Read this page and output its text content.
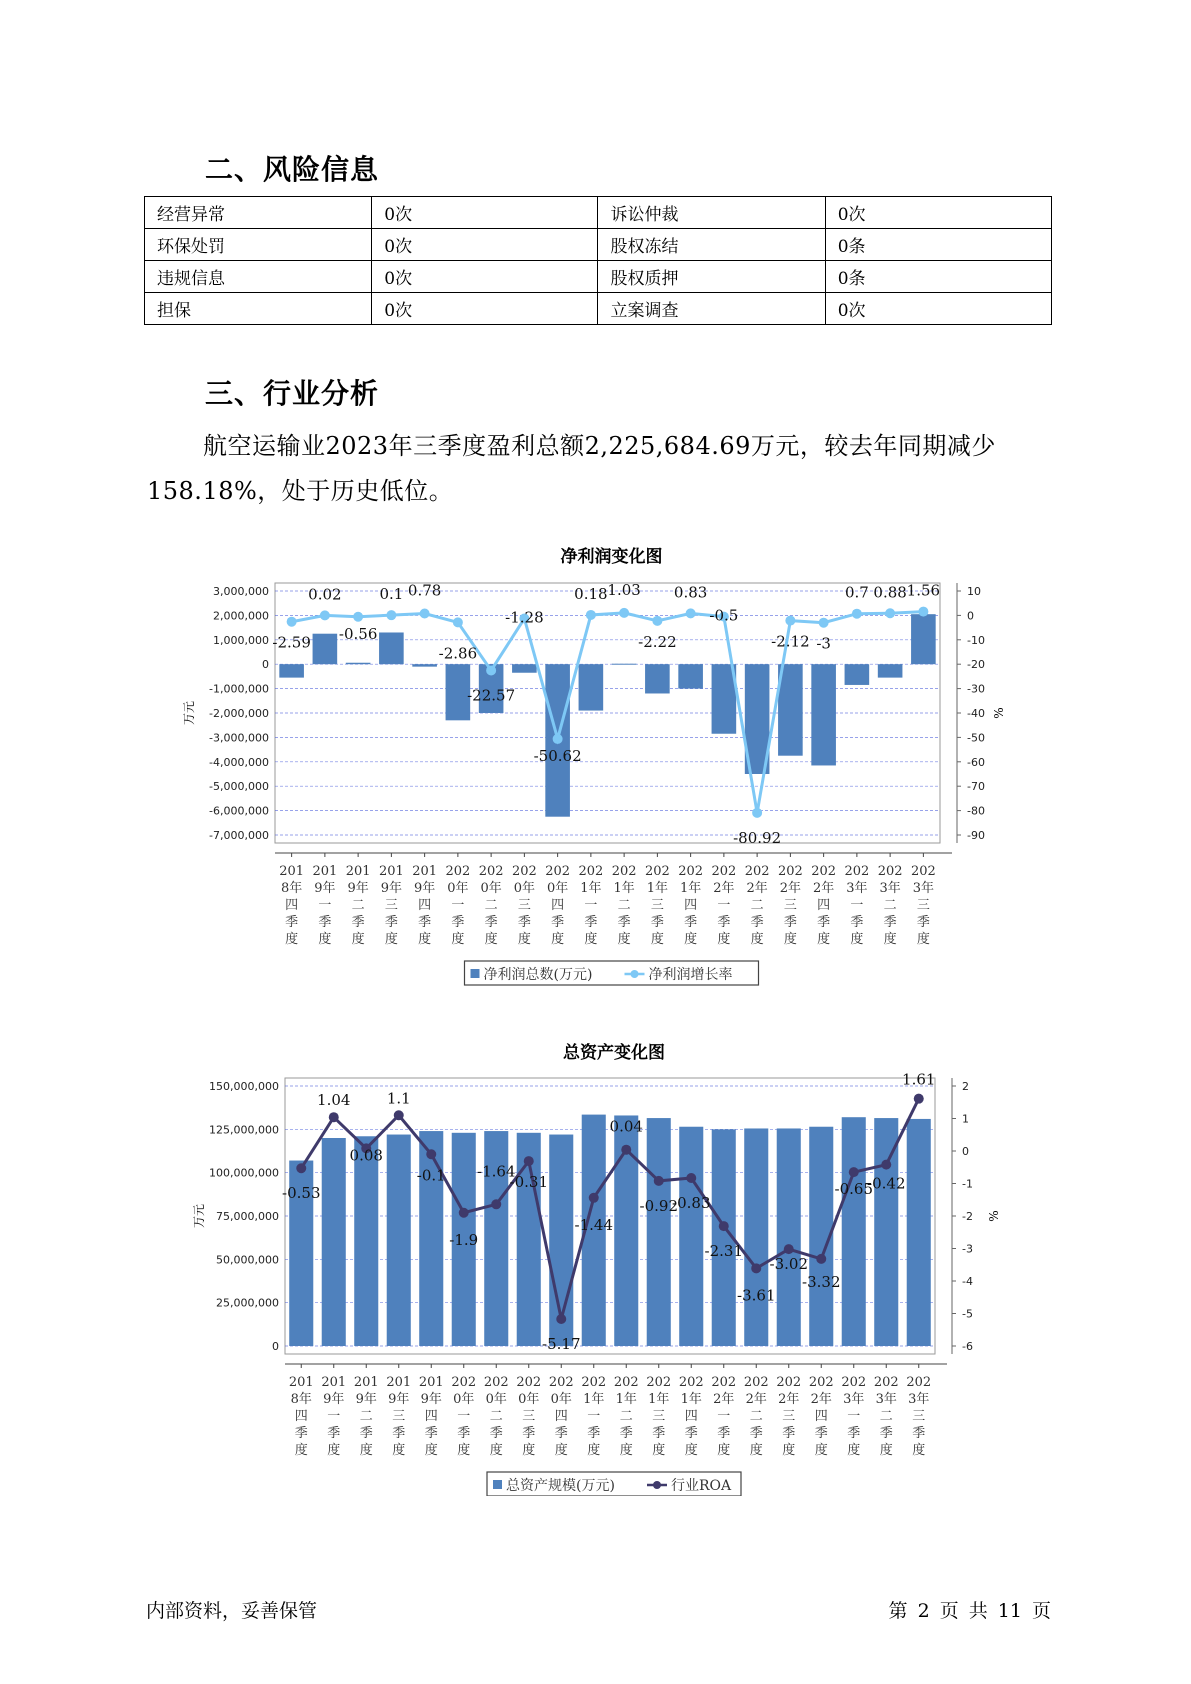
二、风险信息
经营异常	0次	诉讼仲裁	0次
环保处罚	0次	股权冻结	0条
违规信息	0次	股权质押	0条
担保	0次	立案调查	0次
三、行业分析
航空运输业2023年三季度盈利总额2,225,684.69万元，较去年同期减少158.18%，处于历史低位。
净利润变化图
3,000,000
2,000,000
1,000,000
0
-1,000,000
-2,000,000
-3,000,000
-4,000,000
-5,000,000
-6,000,000
-7,000,000
10
0
-10
-20
-30
-40
-50
-60
-70
-80
-90
万元	%
-2.59
0.02
-0.56
0.1 0.78
-2.86
-22.57
-1.28
-50.62
0.18 1.03
-2.22
0.83
-0.5
-80.92
-2.12 -3
0.7 0.88 1.56
201 8年四季度
201 9年一季度
201 9年二季度
201 9年三季度
201 9年四季度
202 0年一季度
202 0年二季度
202 0年三季度
202 0年四季度
202 1年一季度
202 1年二季度
202 1年三季度
202 1年四季度
202 2年一季度
202 2年二季度
202 2年三季度
202 2年四季度
202 3年一季度
202 3年二季度
202 3年三季度
净利润总数(万元)	净利润增长率
总资产变化图
150,000,000
125,000,000
100,000,000
75,000,000
50,000,000
25,000,000
0
2
1
0
-1
-2
-3
-4
-5
-6
万元	%
-0.53
1.04
0.08
1.1
-0.1
-1.9
-1.64
-0.31
-5.17
-1.44
0.04
-0.92
-0.83
-2.31
-3.61
-3.02
-3.32
-0.65
-0.42
1.61
201 8年四季度
201 9年一季度
201 9年二季度
201 9年三季度
201 9年四季度
202 0年一季度
202 0年二季度
202 0年三季度
202 0年四季度
202 1年一季度
202 1年二季度
202 1年三季度
202 1年四季度
202 2年一季度
202 2年二季度
202 2年三季度
202 2年四季度
202 3年一季度
202 3年二季度
202 3年三季度
总资产规模(万元)	行业ROA
内部资料，妥善保管	第 2 页 共 11 页
